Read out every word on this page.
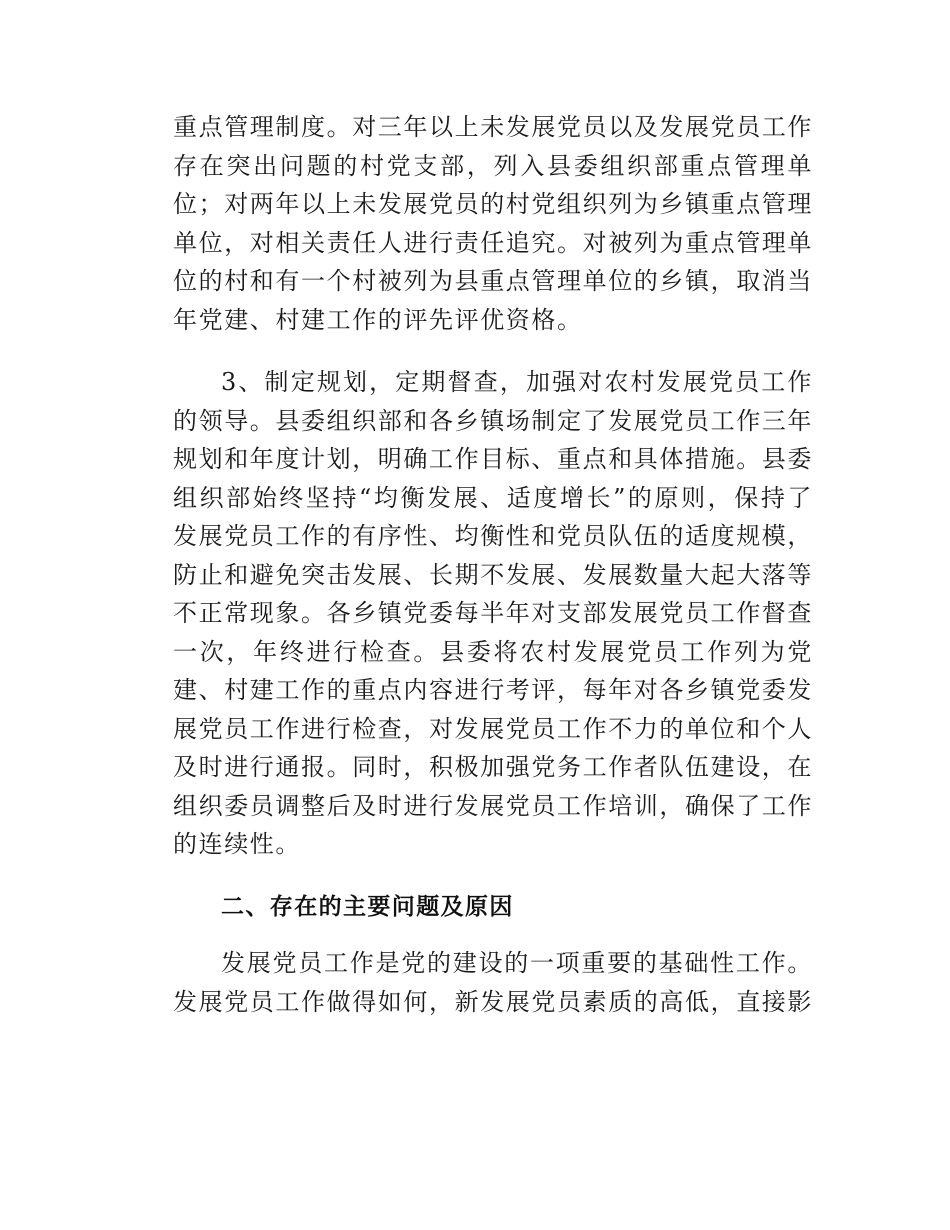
重点管理制度。对三年以上未发展党员以及发展党员工作存在突出问题的村党支部，列入县委组织部重点管理单位；对两年以上未发展党员的村党组织列为乡镇重点管理单位，对相关责任人进行责任追究。对被列为重点管理单位的村和有一个村被列为县重点管理单位的乡镇，取消当年党建、村建工作的评先评优资格。

3、制定规划，定期督查，加强对农村发展党员工作的领导。县委组织部和各乡镇场制定了发展党员工作三年规划和年度计划，明确工作目标、重点和具体措施。县委组织部始终坚持“均衡发展、适度增长”的原则，保持了发展党员工作的有序性、均衡性和党员队伍的适度规模，防止和避免突击发展、长期不发展、发展数量大起大落等不正常现象。各乡镇党委每半年对支部发展党员工作督查一次，年终进行检查。县委将农村发展党员工作列为党建、村建工作的重点内容进行考评，每年对各乡镇党委发展党员工作进行检查，对发展党员工作不力的单位和个人及时进行通报。同时，积极加强党务工作者队伍建设，在组织委员调整后及时进行发展党员工作培训，确保了工作的连续性。

二、存在的主要问题及原因

发展党员工作是党的建设的一项重要的基础性工作。发展党员工作做得如何，新发展党员素质的高低，直接影
